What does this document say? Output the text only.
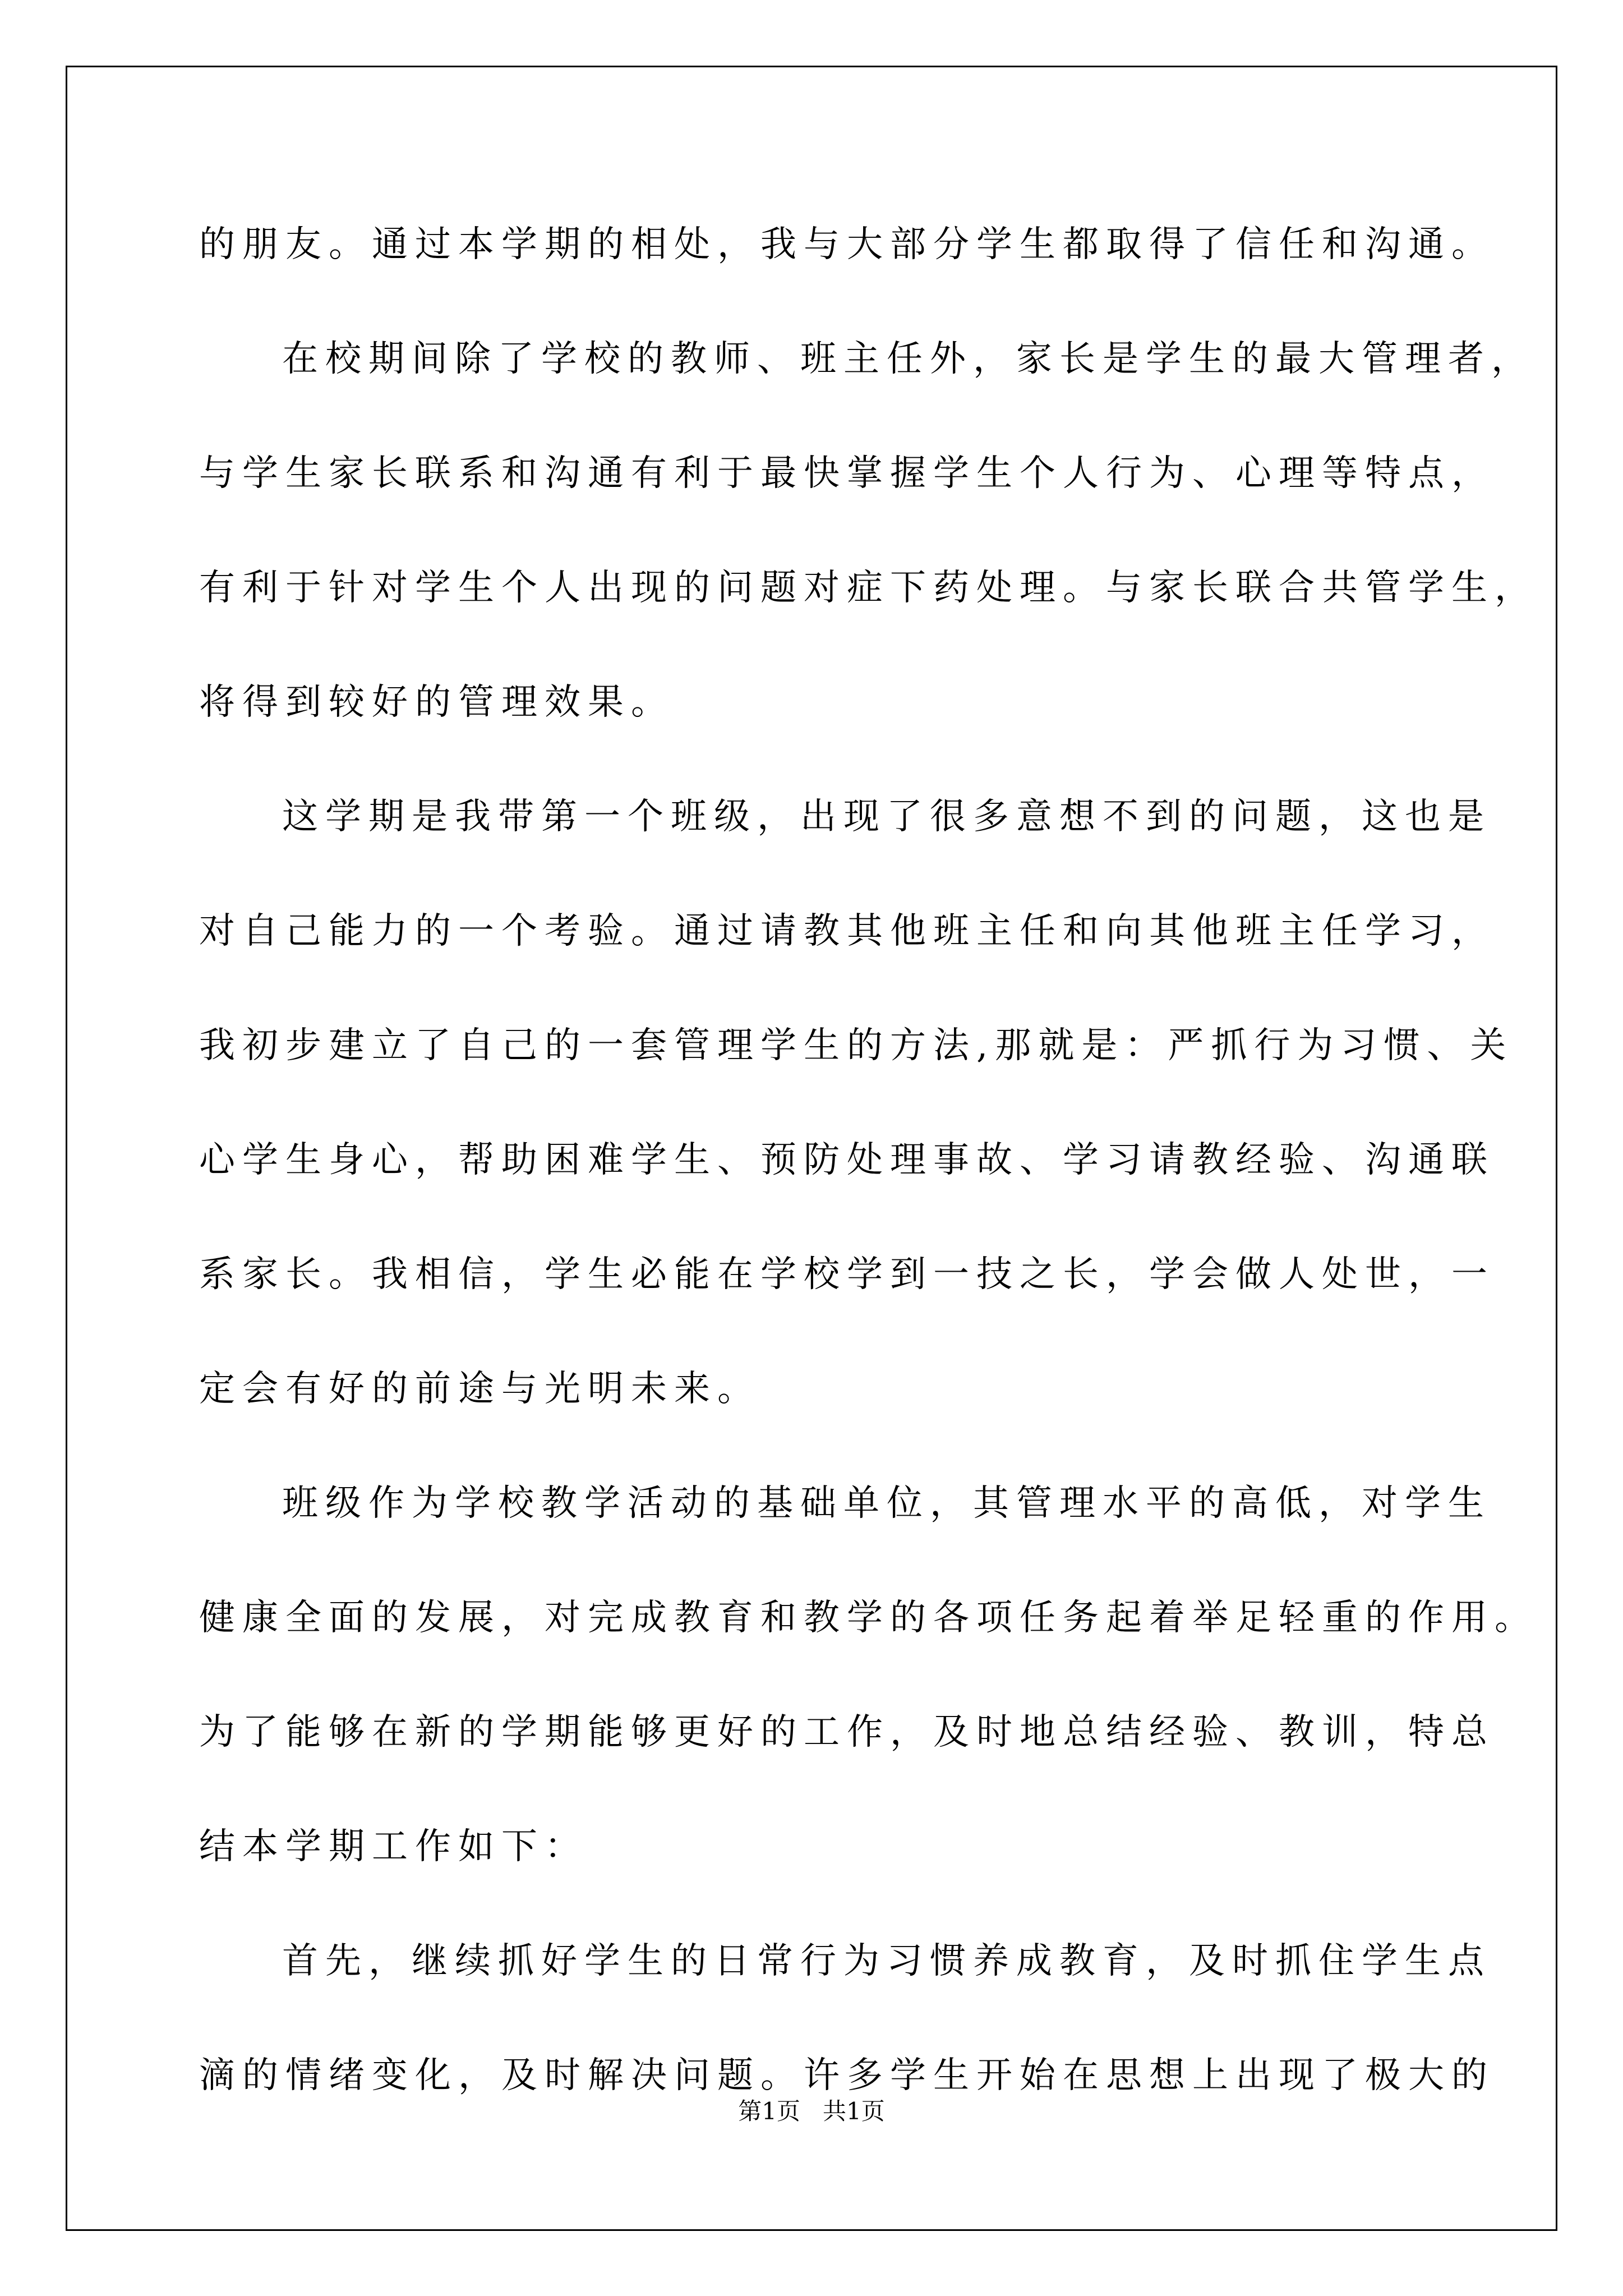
的朋友。通过本学期的相处，我与大部分学生都取得了信任和沟通。
在校期间除了学校的教师、班主任外，家长是学生的最大管理者，
与学生家长联系和沟通有利于最快掌握学生个人行为、心理等特点，
有利于针对学生个人出现的问题对症下药处理。与家长联合共管学生，
将得到较好的管理效果。
这学期是我带第一个班级，出现了很多意想不到的问题，这也是
对自己能力的一个考验。通过请教其他班主任和向其他班主任学习，
我初步建立了自己的一套管理学生的方法,那就是：严抓行为习惯、关
心学生身心，帮助困难学生、预防处理事故、学习请教经验、沟通联
系家长。我相信，学生必能在学校学到一技之长，学会做人处世，一
定会有好的前途与光明未来。
班级作为学校教学活动的基础单位，其管理水平的高低，对学生
健康全面的发展，对完成教育和教学的各项任务起着举足轻重的作用。
为了能够在新的学期能够更好的工作，及时地总结经验、教训，特总
结本学期工作如下：
首先，继续抓好学生的日常行为习惯养成教育，及时抓住学生点
滴的情绪变化，及时解决问题。许多学生开始在思想上出现了极大的
第1页   共1页
